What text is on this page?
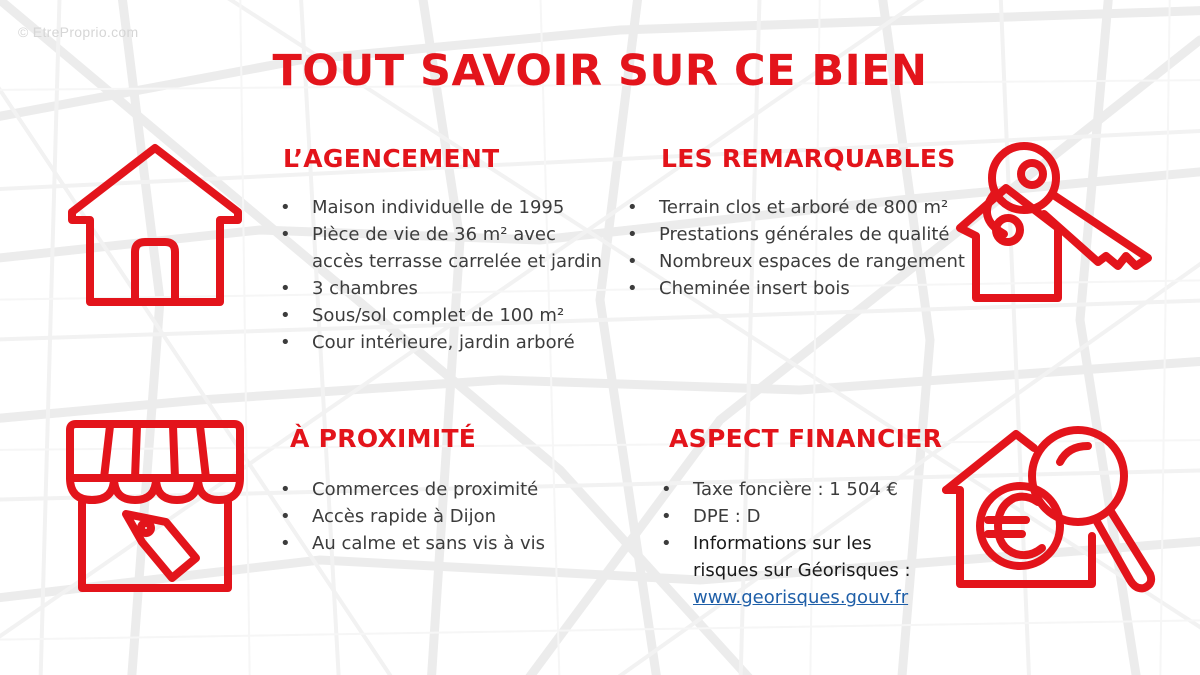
© EtreProprio.com
TOUT SAVOIR SUR CE BIEN
L’AGENCEMENT
• Maison individuelle de 1995
• Pièce de vie de 36 m² avec
accès terrasse carrelée et jardin
• 3 chambres
• Sous/sol complet de 100 m²
• Cour intérieure, jardin arboré
LES REMARQUABLES
• Terrain clos et arboré de 800 m²
• Prestations générales de qualité
• Nombreux espaces de rangement
• Cheminée insert bois
À PROXIMITÉ
• Commerces de proximité
• Accès rapide à Dijon
• Au calme et sans vis à vis
ASPECT FINANCIER
• Taxe foncière : 1 504 €
• DPE : D
• Informations sur les
risques sur Géorisques :
www.georisques.gouv.fr
